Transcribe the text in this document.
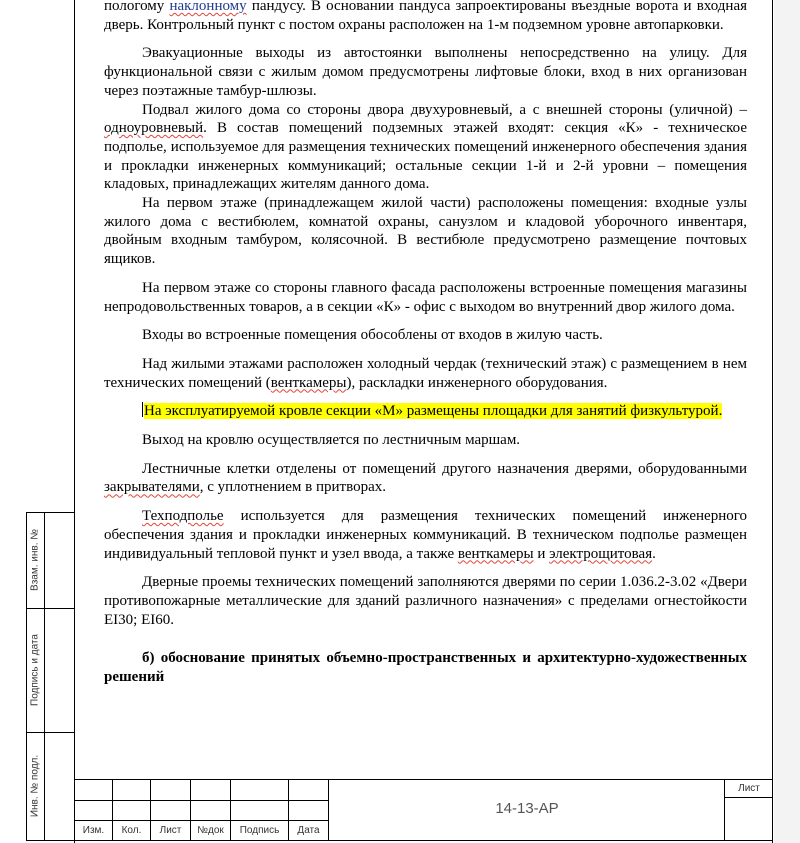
Взам. инв. №
Подпись и дата
Инв. № подл.
Изм.	Кол.	Лист	№док	Подпись	Дата
14-13-АР
Лист

пологому наклонному пандусу. В основании пандуса запроектированы въездные ворота и входная дверь. Контрольный пункт с постом охраны расположен на 1-м подземном уровне автопарковки.

Эвакуационные выходы из автостоянки выполнены непосредственно на улицу. Для функциональной связи с жилым домом предусмотрены лифтовые блоки, вход в них организован через поэтажные тамбур-шлюзы.

Подвал жилого дома со стороны двора двухуровневый, а с внешней стороны (уличной) – одноуровневый. В состав помещений подземных этажей входят: секция «К» - техническое подполье, используемое для размещения технических помещений инженерного обеспечения здания и прокладки инженерных коммуникаций; остальные секции 1-й и 2-й уровни – помещения кладовых, принадлежащих жителям данного дома.

На первом этаже (принадлежащем жилой части) расположены помещения: входные узлы жилого дома с вестибюлем, комнатой охраны, санузлом и кладовой уборочного инвентаря, двойным входным тамбуром, колясочной. В вестибюле предусмотрено размещение почтовых ящиков.

На первом этаже со стороны главного фасада расположены встроенные помещения магазины непродовольственных товаров, а в секции «К» - офис с выходом во внутренний двор жилого дома.

Входы во встроенные помещения обособлены от входов в жилую часть.

Над жилыми этажами расположен холодный чердак (технический этаж) с размещением в нем технических помещений (венткамеры), раскладки инженерного оборудования.

На эксплуатируемой кровле секции «М» размещены площадки для занятий физкультурой.

Выход на кровлю осуществляется по лестничным маршам.

Лестничные клетки отделены от помещений другого назначения дверями, оборудованными закрывателями, с уплотнением в притворах.

Техподполье используется для размещения технических помещений инженерного обеспечения здания и прокладки инженерных коммуникаций. В техническом подполье размещен индивидуальный тепловой пункт и узел ввода, а также венткамеры и электрощитовая.

Дверные проемы технических помещений заполняются дверями по серии 1.036.2-3.02 «Двери противопожарные металлические для зданий различного назначения» с пределами огнестойкости EI30; EI60.

б) обоснование принятых объемно-пространственных и архитектурно-художественных решений
